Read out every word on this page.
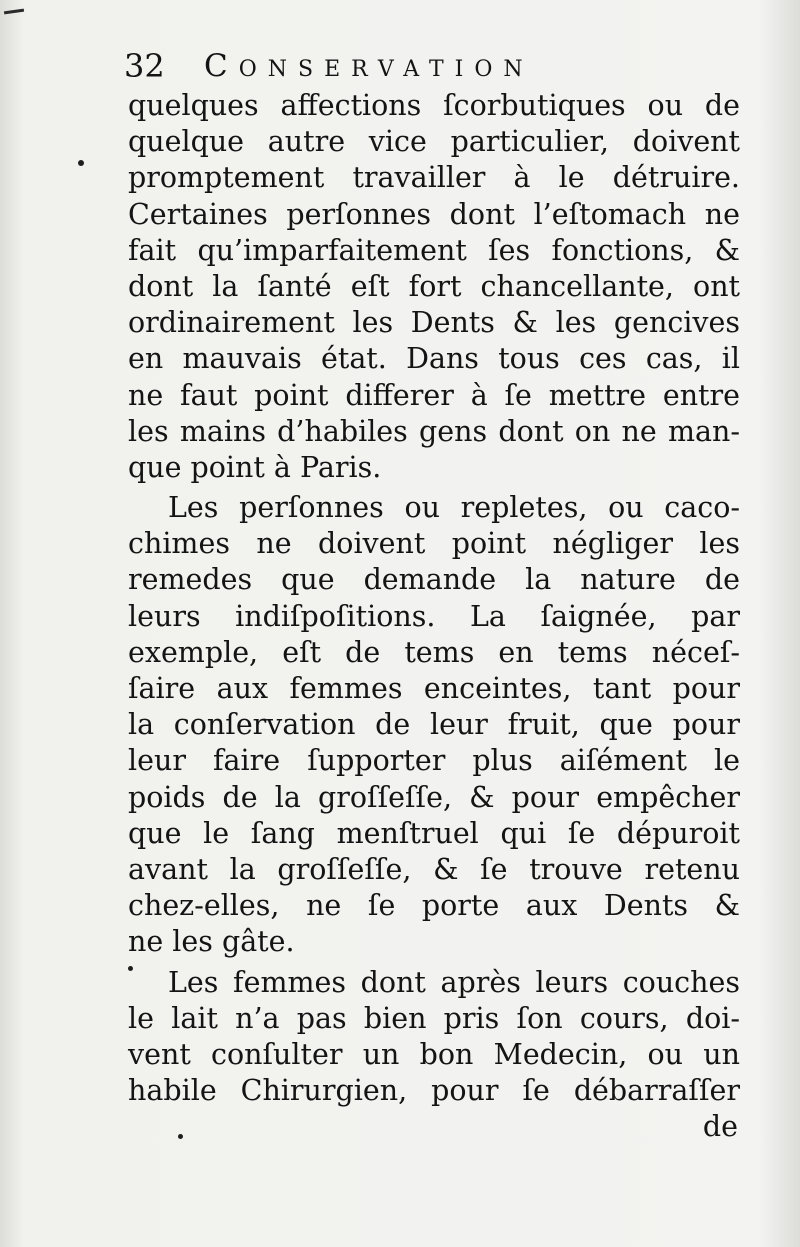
32 Conservation
quelques affections ſcorbutiques ou de
quelque autre vice particulier, doivent
promptement travailler à le détruire.
Certaines perſonnes dont l’eſtomach ne
fait qu’imparfaitement ſes fonctions, &
dont la ſanté eſt fort chancellante, ont
ordinairement les Dents & les gencives
en mauvais état. Dans tous ces cas, il
ne faut point differer à ſe mettre entre
les mains d’habiles gens dont on ne man-
que point à Paris.
Les perſonnes ou repletes, ou caco-
chimes ne doivent point négliger les
remedes que demande la nature de
leurs indiſpoſitions. La ſaignée, par
exemple, eſt de tems en tems néceſ-
ſaire aux femmes enceintes, tant pour
la conſervation de leur fruit, que pour
leur faire ſupporter plus aiſément le
poids de la groſſeſſe, & pour empêcher
que le ſang menſtruel qui ſe dépuroit
avant la groſſeſſe, & ſe trouve retenu
chez-elles, ne ſe porte aux Dents &
ne les gâte.
Les femmes dont après leurs couches
le lait n’a pas bien pris ſon cours, doi-
vent conſulter un bon Medecin, ou un
habile Chirurgien, pour ſe débarraſſer
de
